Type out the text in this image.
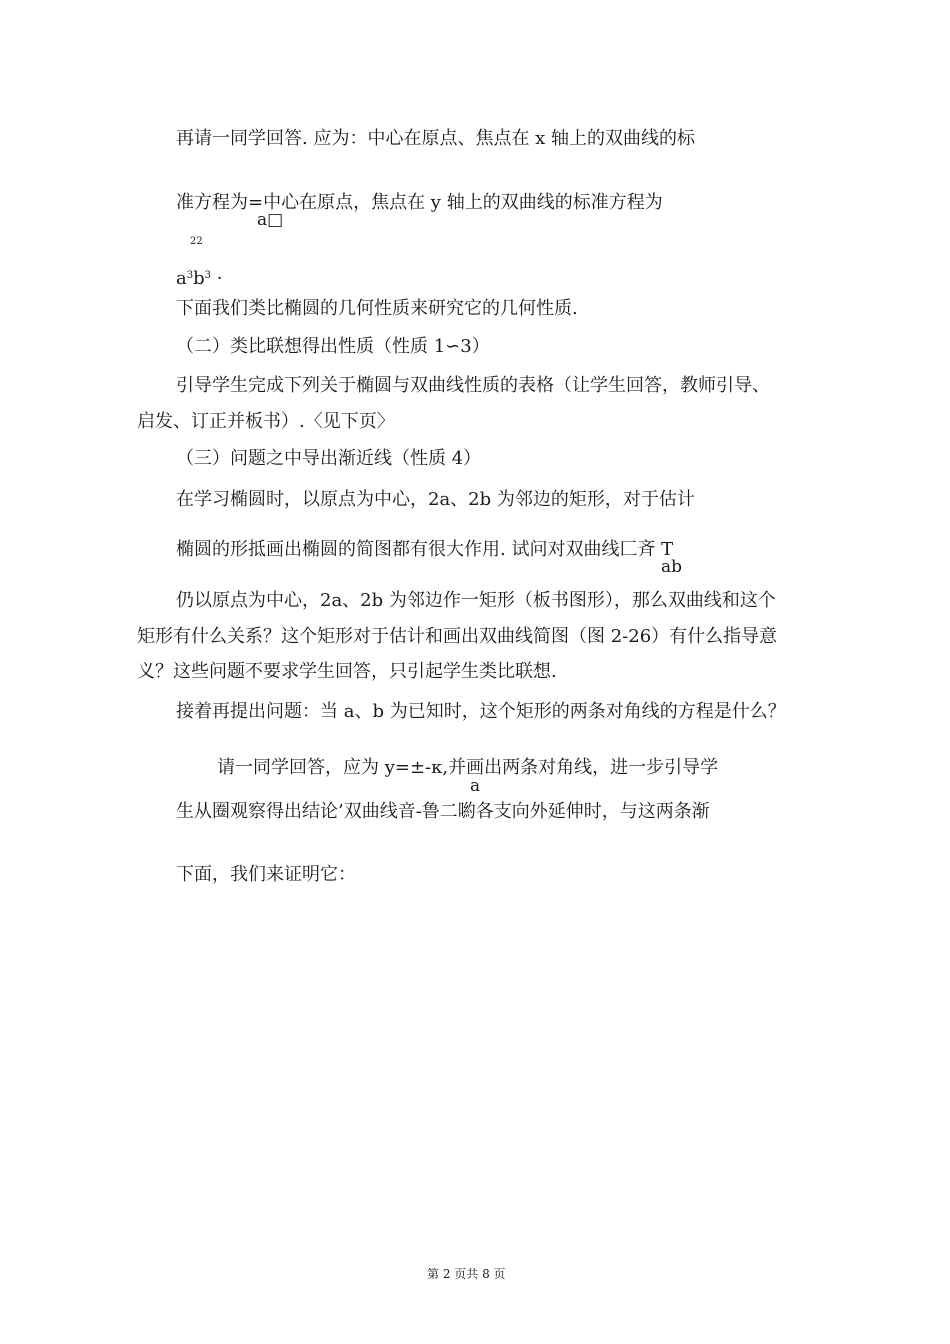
再请一同学回答. 应为：中心在原点、焦点在 x 轴上的双曲线的标
准方程为=中心在原点，焦点在 y 轴上的双曲线的标准方程为
a□
22
$a^3b^3$ ·
下面我们类比椭圆的几何性质来研究它的几何性质.
（二）类比联想得出性质（性质 1∽3）
引导学生完成下列关于椭圆与双曲线性质的表格（让学生回答，教师引导、
启发、订正并板书）.〈见下页〉
（三）问题之中导出渐近线（性质 4）
在学习椭圆时，以原点为中心，2a、2b 为邻边的矩形，对于估计
椭圆的形抵画出椭圆的简图都有很大作用. 试问对双曲线匚斉 T
ab
仍以原点为中心，2a、2b 为邻边作一矩形（板书图形），那么双曲线和这个
矩形有什么关系？这个矩形对于估计和画出双曲线简图（图 2-26）有什么指导意
义？这些问题不要求学生回答，只引起学生类比联想.
接着再提出问题：当 a、b 为已知时，这个矩形的两条对角线的方程是什么？
请一同学回答，应为 y=±-к,并画出两条对角线，进一步引导学
a
生从圈观察得出结论’双曲线音-鲁二喲各支向外延伸时，与这两条渐
下面，我们来证明它：
第 2 页共 8 页
